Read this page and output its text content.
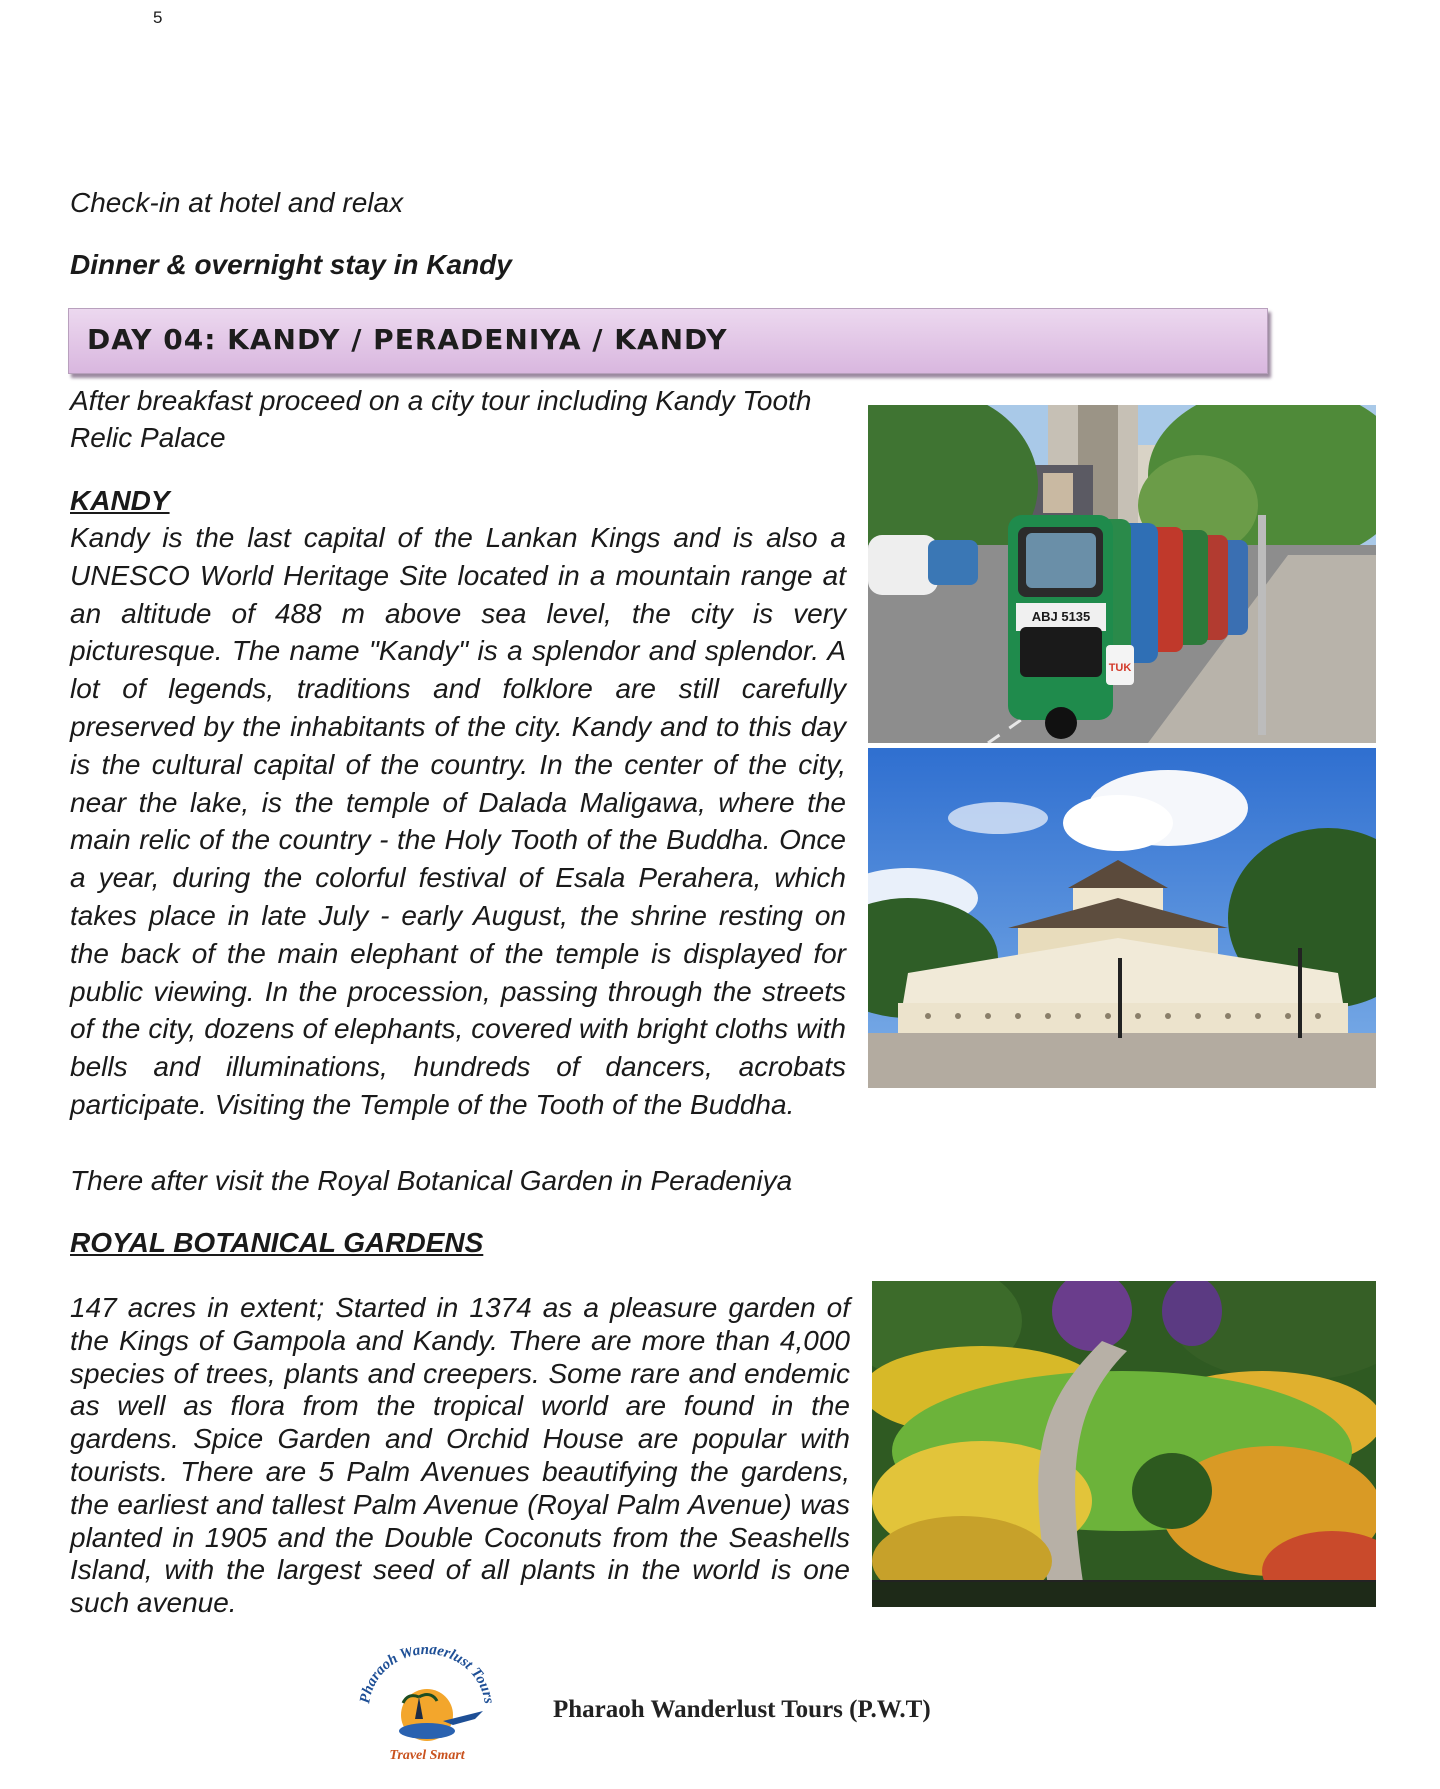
5
Check-in at hotel and relax
Dinner & overnight stay in Kandy
DAY 04: KANDY / PERADENIYA / KANDY
After breakfast proceed on a city tour including Kandy Tooth Relic Palace
KANDY
Kandy is the last capital of the Lankan Kings and is also a UNESCO World Heritage Site located in a mountain range at an altitude of 488 m above sea level, the city is very picturesque. The name "Kandy" is a splendor and splendor. A lot of legends, traditions and folklore are still carefully preserved by the inhabitants of the city. Kandy and to this day is the cultural capital of the country. In the center of the city, near the lake, is the temple of Dalada Maligawa, where the main relic of the country - the Holy Tooth of the Buddha. Once a year, during the colorful festival of Esala Perahera, which takes place in late July - early August, the shrine resting on the back of the main elephant of the temple is displayed for public viewing. In the procession, passing through the streets of the city, dozens of elephants, covered with bright cloths with bells and illuminations, hundreds of dancers, acrobats participate. Visiting the Temple of the Tooth of the Buddha.
There after visit the Royal Botanical Garden in Peradeniya
ROYAL BOTANICAL GARDENS
147 acres in extent; Started in 1374 as a pleasure garden of the Kings of Gampola and Kandy. There are more than 4,000 species of trees, plants and creepers. Some rare and endemic as well as flora from the tropical world are found in the gardens. Spice Garden and Orchid House are popular with tourists. There are 5 Palm Avenues beautifying the gardens, the earliest and tallest Palm Avenue (Royal Palm Avenue) was planted in 1905 and the Double Coconuts from the Seashells Island, with the largest seed of all plants in the world is one such avenue.
ABJ 5135
TUK
Pharaoh Wanderlust Tours
Travel Smart
Pharaoh Wanderlust Tours (P.W.T)
